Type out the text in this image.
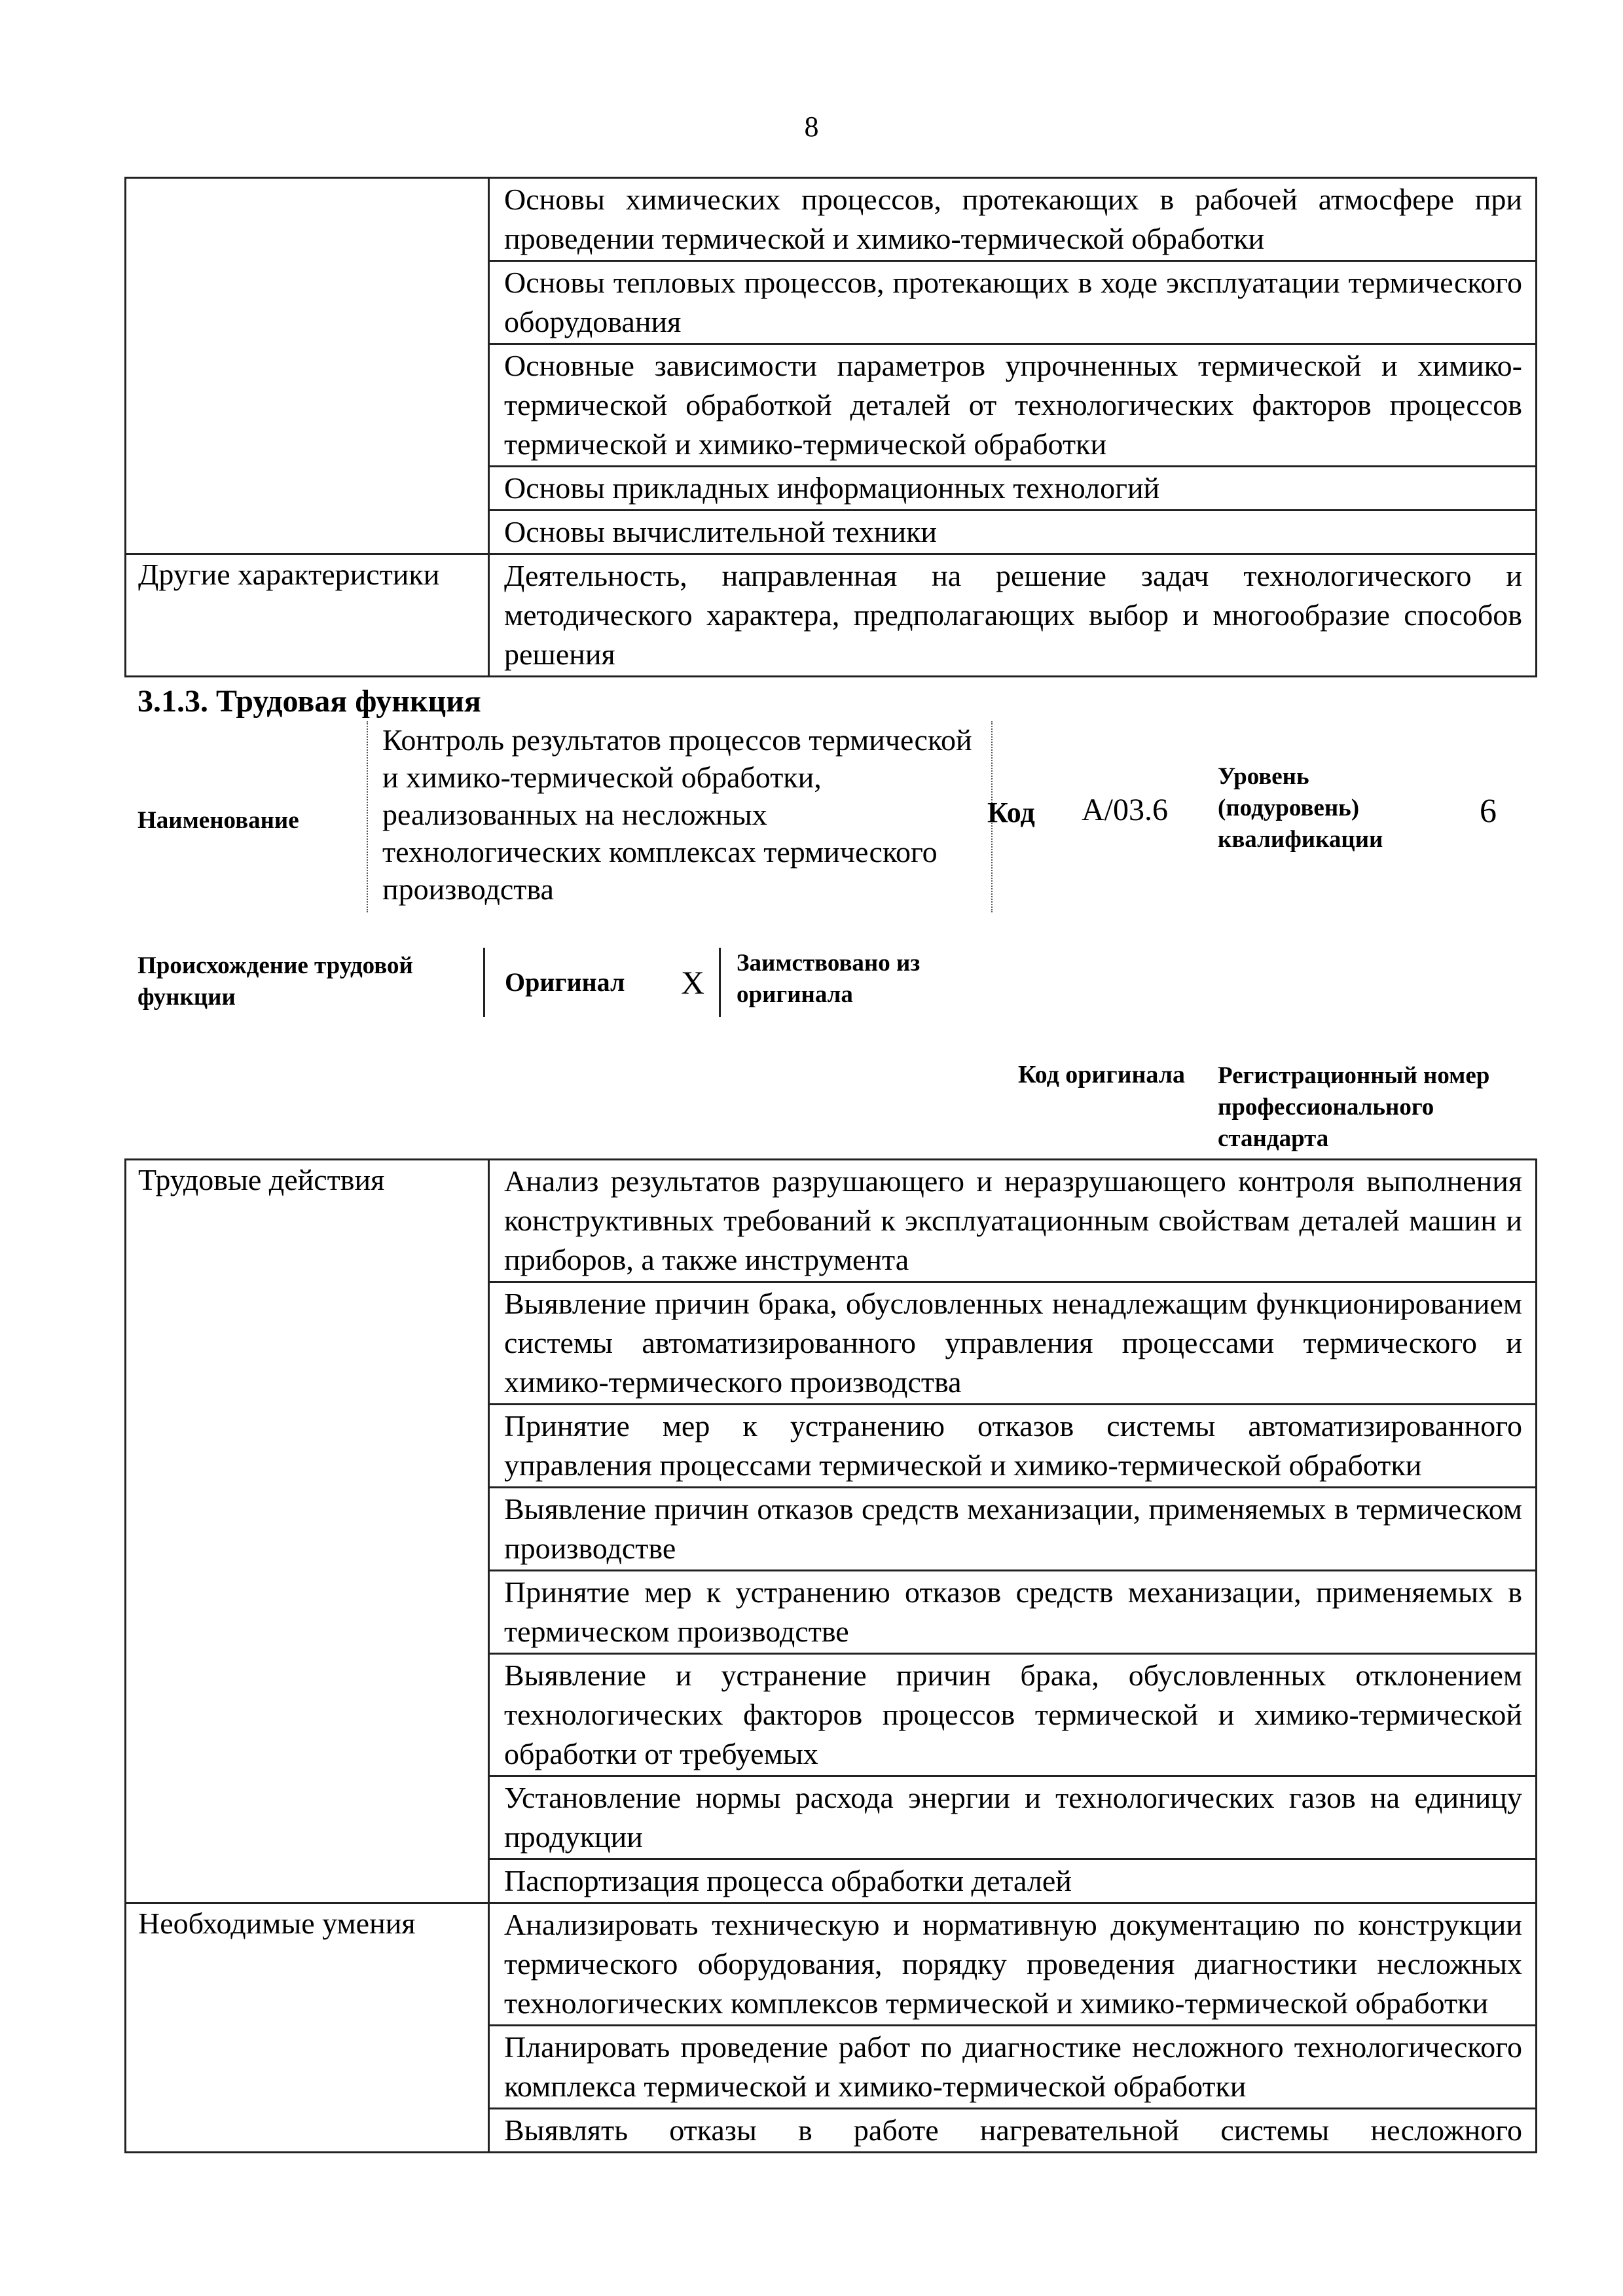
8
	Основы химических процессов, протекающих в рабочей атмосфере при проведении термической и химико-термической обработки
	Основы тепловых процессов, протекающих в ходе эксплуатации термического оборудования
	Основные зависимости параметров упрочненных термической и химико-термической обработкой деталей от технологических факторов процессов термической и химико-термической обработки
	Основы прикладных информационных технологий
	Основы вычислительной техники
Другие характеристики	Деятельность, направленная на решение задач технологического и методического характера, предполагающих выбор и многообразие способов решения
3.1.3. Трудовая функция
Наименование
Контроль результатов процессов термической и химико-термической обработки, реализованных на несложных технологических комплексах термического производства
Код A/03.6
Уровень (подуровень) квалификации
6
Происхождение трудовой функции
Оригинал	X
Заимствовано из оригинала
Код оригинала Регистрационный номер профессионального стандарта
Трудовые действия	Анализ результатов разрушающего и неразрушающего контроля выполнения конструктивных требований к эксплуатационным свойствам деталей машин и приборов, а также инструмента
	Выявление причин брака, обусловленных ненадлежащим функционированием системы автоматизированного управления процессами термического и химико-термического производства
	Принятие мер к устранению отказов системы автоматизированного управления процессами термической и химико-термической обработки
	Выявление причин отказов средств механизации, применяемых в термическом производстве
	Принятие мер к устранению отказов средств механизации, применяемых в термическом производстве
	Выявление и устранение причин брака, обусловленных отклонением технологических факторов процессов термической и химико-термической обработки от требуемых
	Установление нормы расхода энергии и технологических газов на единицу продукции
	Паспортизация процесса обработки деталей
Необходимые умения	Анализировать техническую и нормативную документацию по конструкции термического оборудования, порядку проведения диагностики несложных технологических комплексов термической и химико-термической обработки
	Планировать проведение работ по диагностике несложного технологического комплекса термической и химико-термической обработки
	Выявлять отказы в работе нагревательной системы несложного
